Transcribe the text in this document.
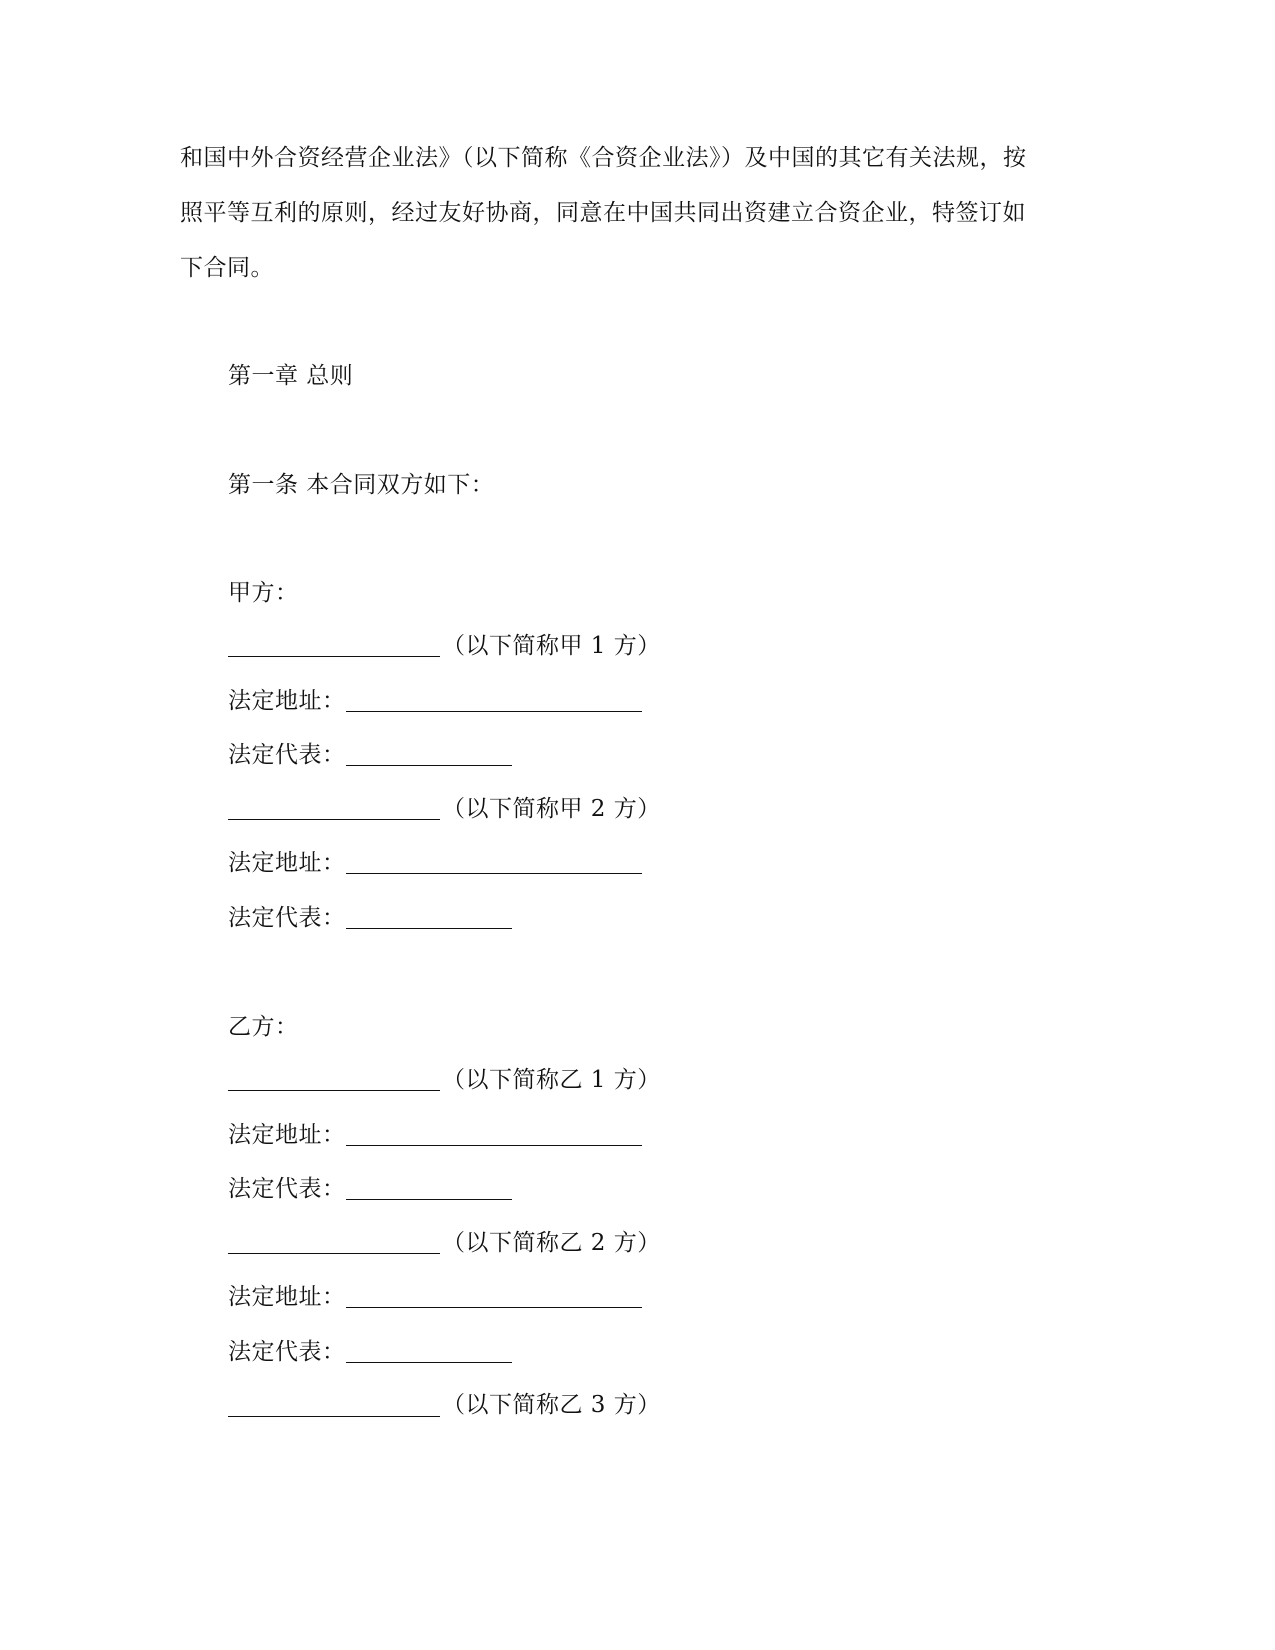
和国中外合资经营企业法》（以下简称《合资企业法》）及中国的其它有关法规，按
照平等互利的原则，经过友好协商，同意在中国共同出资建立合资企业，特签订如
下合同。
第一章 总则
第一条 本合同双方如下：
甲方：
（以下简称甲 1 方）
法定地址：
法定代表：
（以下简称甲 2 方）
法定地址：
法定代表：
乙方：
（以下简称乙 1 方）
法定地址：
法定代表：
（以下简称乙 2 方）
法定地址：
法定代表：
（以下简称乙 3 方）
